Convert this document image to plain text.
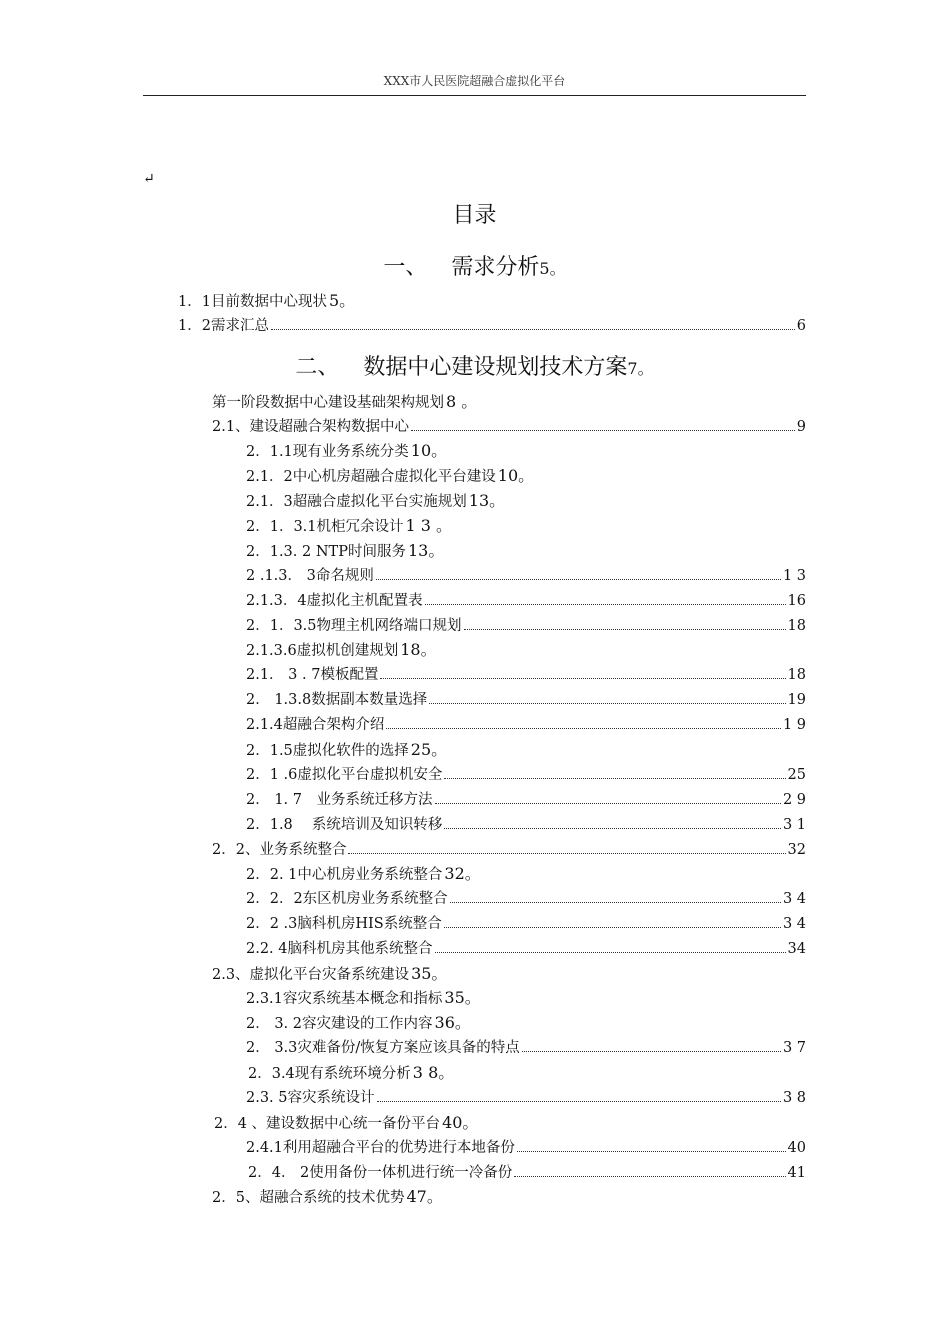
XXX市人民医院超融合虚拟化平台
↵
目录
一、 需求分析5。
二、 数据中心建设规划技术方案7。
1．1目前数据中心现状 5。
1．2需求汇总	6
第一阶段数据中心建设基础架构规划 8 。
2.1、建设超融合架构数据中心	9
2．1.1现有业务系统分类 10。
2.1．2中心机房超融合虚拟化平台建设 10。
2.1．3超融合虚拟化平台实施规划 13。
2．1．3.1机柜冗余设计 1 3 。
2．1.3. 2 NTP时间服务 13。
2 .1.3． 3命名规则	1 3
2.1.3．4虚拟化主机配置表	16
2．1．3.5物理主机网络端口规划	18
2.1.3.6虚拟机创建规划 18。
2.1． 3 . 7模板配置	18
2． 1.3.8数据副本数量选择	19
2.1.4超融合架构介绍	1 9
2．1.5虚拟化软件的选择 25。
2．1 .6虚拟化平台虚拟机安全	25
2． 1. 7　业务系统迁移方法	2 9
2．1.8　 系统培训及知识转移	3 1
2．2、业务系统整合	32
2．2. 1中心机房业务系统整合 32。
2．2．2东区机房业务系统整合	3 4
2．2 .3脑科机房HIS系统整合	3 4
2.2. 4脑科机房其他系统整合	34
2.3、虚拟化平台灾备系统建设 35。
2.3.1容灾系统基本概念和指标 35。
2． 3. 2容灾建设的工作内容 36。
2． 3.3灾难备份/恢复方案应该具备的特点	3 7
2．3.4现有系统环境分析 3 8。
2.3. 5容灾系统设计	3 8
2．4 、建设数据中心统一备份平台 40。
2.4.1利用超融合平台的优势进行本地备份	40
2．4． 2使用备份一体机进行统一冷备份	41
2．5、超融合系统的技术优势 47。
